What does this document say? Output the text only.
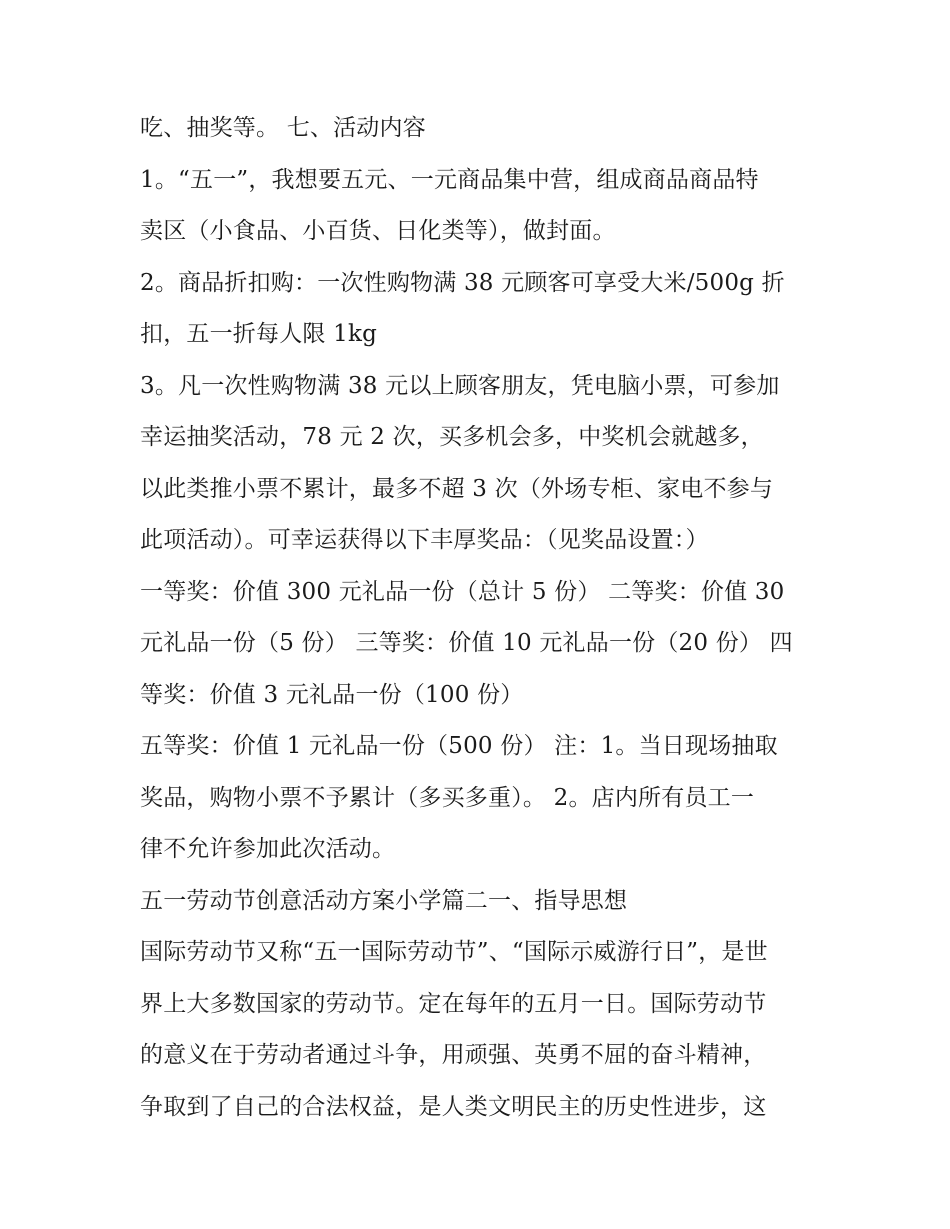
吃、抽奖等。 七、活动内容
1。“五一”，我想要五元、一元商品集中营，组成商品商品特
卖区（小食品、小百货、日化类等），做封面。
2。商品折扣购：一次性购物满 38 元顾客可享受大米/500g 折
扣，五一折每人限 1kg
3。凡一次性购物满 38 元以上顾客朋友，凭电脑小票，可参加
幸运抽奖活动，78 元 2 次，买多机会多，中奖机会就越多，
以此类推小票不累计，最多不超 3 次（外场专柜、家电不参与
此项活动）。可幸运获得以下丰厚奖品：（见奖品设置：）
一等奖：价值 300 元礼品一份（总计 5 份） 二等奖：价值 30
元礼品一份（5 份） 三等奖：价值 10 元礼品一份（20 份） 四
等奖：价值 3 元礼品一份（100 份）
五等奖：价值 1 元礼品一份（500 份） 注：1。当日现场抽取
奖品，购物小票不予累计（多买多重）。 2。店内所有员工一
律不允许参加此次活动。
五一劳动节创意活动方案小学篇二一、指导思想
国际劳动节又称“五一国际劳动节”、“国际示威游行日”，是世
界上大多数国家的劳动节。定在每年的五月一日。国际劳动节
的意义在于劳动者通过斗争，用顽强、英勇不屈的奋斗精神，
争取到了自己的合法权益，是人类文明民主的历史性进步，这
